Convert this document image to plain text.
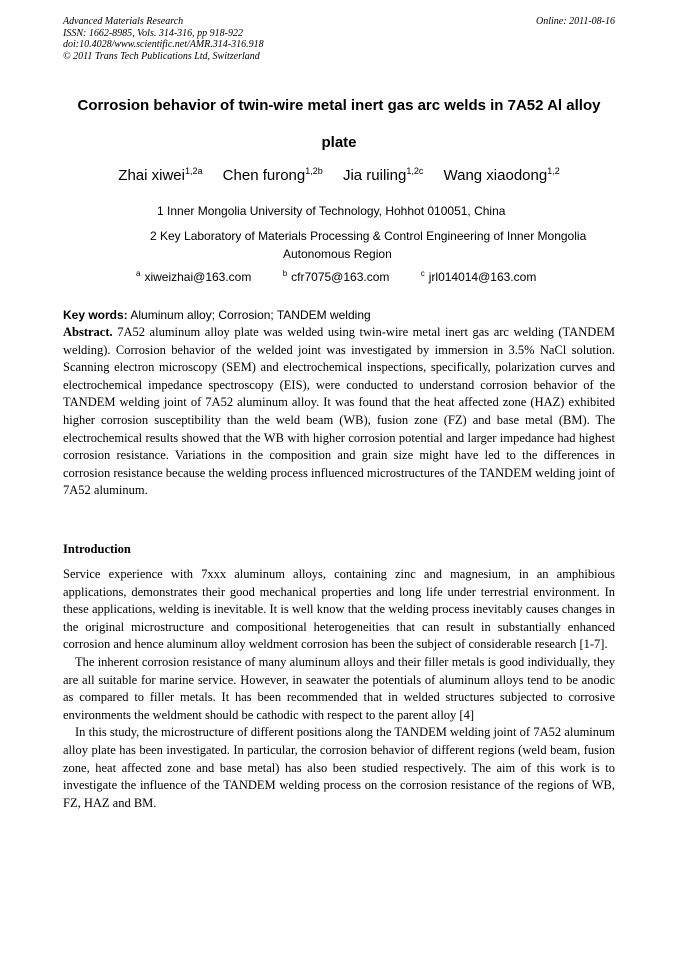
Advanced Materials Research
ISSN: 1662-8985, Vols. 314-316, pp 918-922
doi:10.4028/www.scientific.net/AMR.314-316.918
© 2011 Trans Tech Publications Ltd, Switzerland
Online: 2011-08-16
Corrosion behavior of twin-wire metal inert gas arc welds in 7A52 Al alloy plate
Zhai xiwei$^{1,2a}$ Chen furong$^{1,2b}$ Jia ruiling$^{1,2c}$ Wang xiaodong$^{1,2}$
1 Inner Mongolia University of Technology, Hohhot 010051, China
2 Key Laboratory of Materials Processing & Control Engineering of Inner Mongolia
Autonomous Region
$^a$ xiweizhai@163.com	$^b$ cfr7075@163.com	$^c$ jrl014014@163.com
Key words: Aluminum alloy; Corrosion; TANDEM welding
Abstract. 7A52 aluminum alloy plate was welded using twin-wire metal inert gas arc welding (TANDEM welding). Corrosion behavior of the welded joint was investigated by immersion in 3.5% NaCl solution. Scanning electron microscopy (SEM) and electrochemical inspections, specifically, polarization curves and electrochemical impedance spectroscopy (EIS), were conducted to understand corrosion behavior of the TANDEM welding joint of 7A52 aluminum alloy. It was found that the heat affected zone (HAZ) exhibited higher corrosion susceptibility than the weld beam (WB), fusion zone (FZ) and base metal (BM). The electrochemical results showed that the WB with higher corrosion potential and larger impedance had highest corrosion resistance. Variations in the composition and grain size might have led to the differences in corrosion resistance because the welding process influenced microstructures of the TANDEM welding joint of 7A52 aluminum.
Introduction

Service experience with 7xxx aluminum alloys, containing zinc and magnesium, in an amphibious applications, demonstrates their good mechanical properties and long life under terrestrial environment. In these applications, welding is inevitable. It is well know that the welding process inevitably causes changes in the original microstructure and compositional heterogeneities that can result in substantially enhanced corrosion and hence aluminum alloy weldment corrosion has been the subject of considerable research [1-7].

The inherent corrosion resistance of many aluminum alloys and their filler metals is good individually, they are all suitable for marine service. However, in seawater the potentials of aluminum alloys tend to be anodic as compared to filler metals. It has been recommended that in welded structures subjected to corrosive environments the weldment should be cathodic with respect to the parent alloy [4]

In this study, the microstructure of different positions along the TANDEM welding joint of 7A52 aluminum alloy plate has been investigated. In particular, the corrosion behavior of different regions (weld beam, fusion zone, heat affected zone and base metal) has also been studied respectively. The aim of this work is to investigate the influence of the TANDEM welding process on the corrosion resistance of the regions of WB, FZ, HAZ and BM.
